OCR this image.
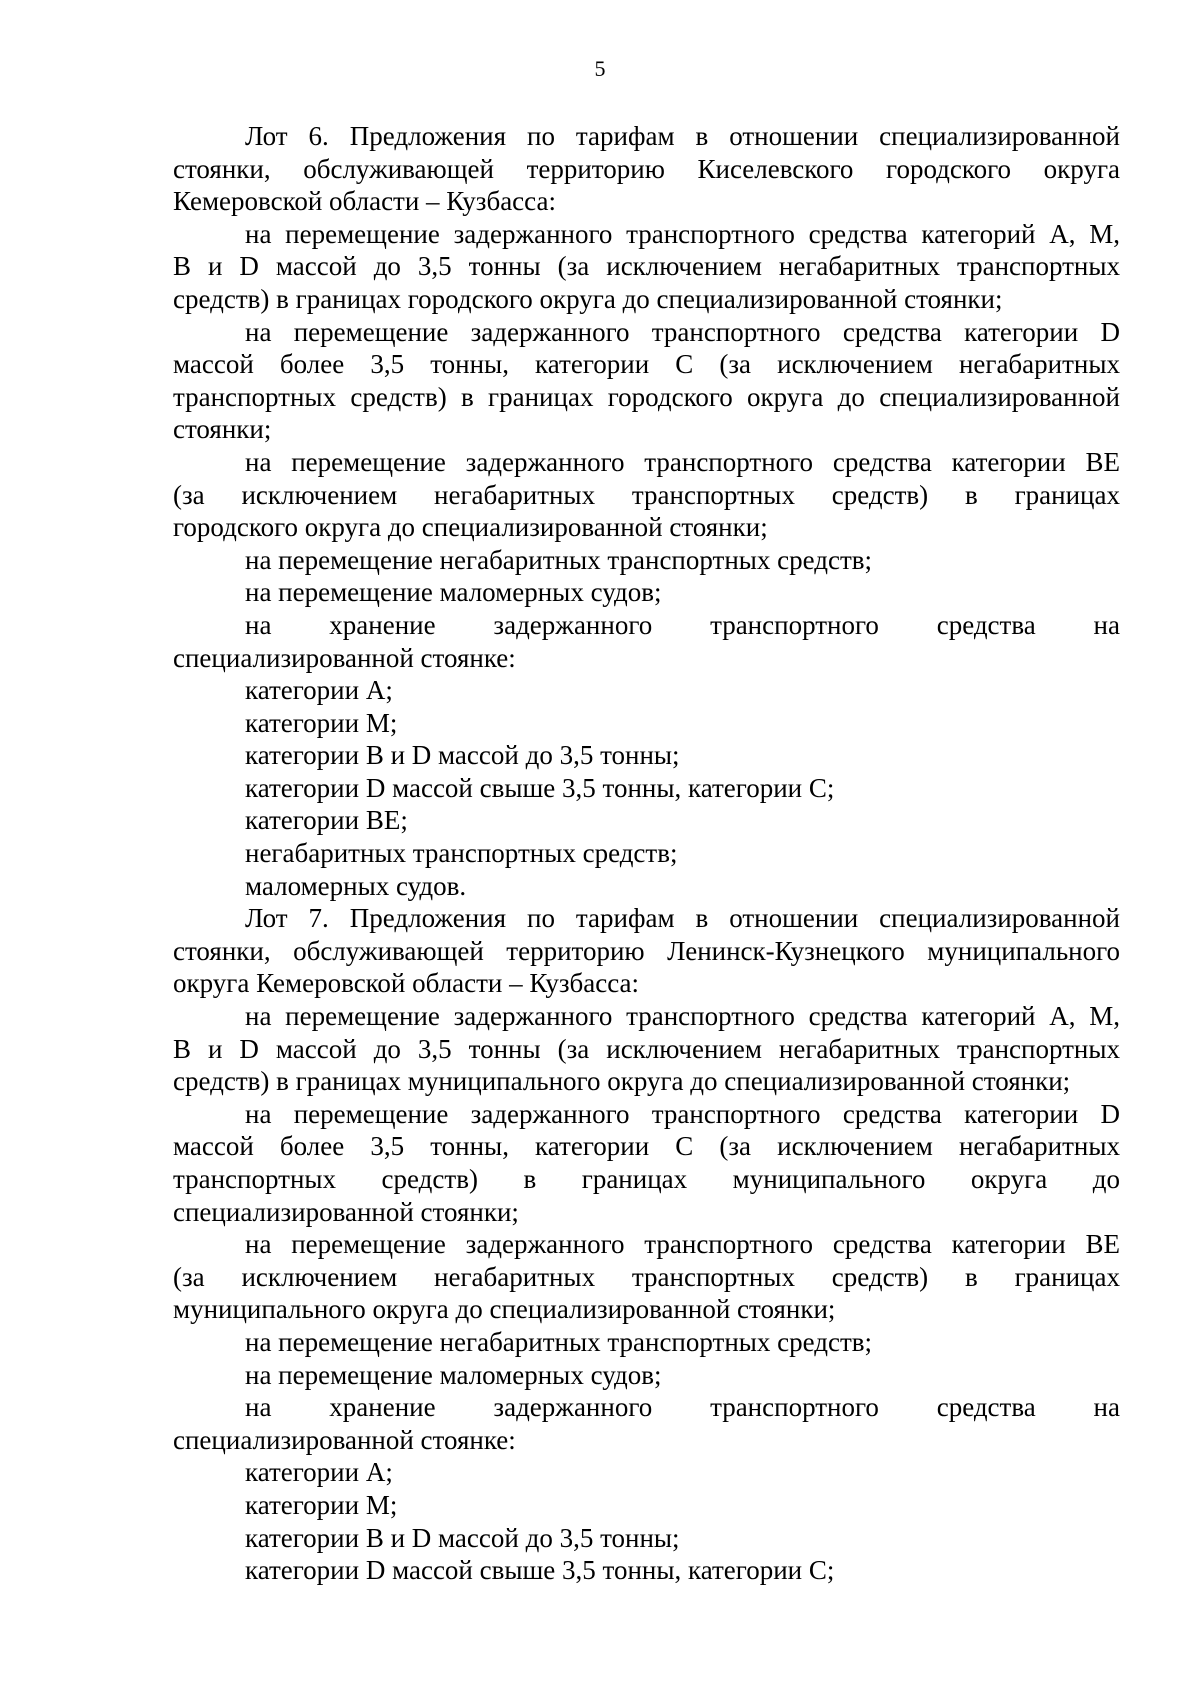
5
Лот 6. Предложения по тарифам в отношении специализированной
стоянки, обслуживающей территорию Киселевского городского округа
Кемеровской области – Кузбасса:
на перемещение задержанного транспортного средства категорий А, М,
В и D массой до 3,5 тонны (за исключением негабаритных транспортных
средств) в границах городского округа до специализированной стоянки;
на перемещение задержанного транспортного средства категории D
массой более 3,5 тонны, категории С (за исключением негабаритных
транспортных средств) в границах городского округа до специализированной
стоянки;
на перемещение задержанного транспортного средства категории ВЕ
(за исключением негабаритных транспортных средств) в границах
городского округа до специализированной стоянки;
на перемещение негабаритных транспортных средств;
на перемещение маломерных судов;
на хранение задержанного транспортного средства на
специализированной стоянке:
категории А;
категории М;
категории В и D массой до 3,5 тонны;
категории D массой свыше 3,5 тонны, категории С;
категории ВЕ;
негабаритных транспортных средств;
маломерных судов.
Лот 7. Предложения по тарифам в отношении специализированной
стоянки, обслуживающей территорию Ленинск-Кузнецкого муниципального
округа Кемеровской области – Кузбасса:
на перемещение задержанного транспортного средства категорий А, М,
В и D массой до 3,5 тонны (за исключением негабаритных транспортных
средств) в границах муниципального округа до специализированной стоянки;
на перемещение задержанного транспортного средства категории D
массой более 3,5 тонны, категории С (за исключением негабаритных
транспортных средств) в границах муниципального округа до
специализированной стоянки;
на перемещение задержанного транспортного средства категории ВЕ
(за исключением негабаритных транспортных средств) в границах
муниципального округа до специализированной стоянки;
на перемещение негабаритных транспортных средств;
на перемещение маломерных судов;
на хранение задержанного транспортного средства на
специализированной стоянке:
категории А;
категории М;
категории В и D массой до 3,5 тонны;
категории D массой свыше 3,5 тонны, категории С;
